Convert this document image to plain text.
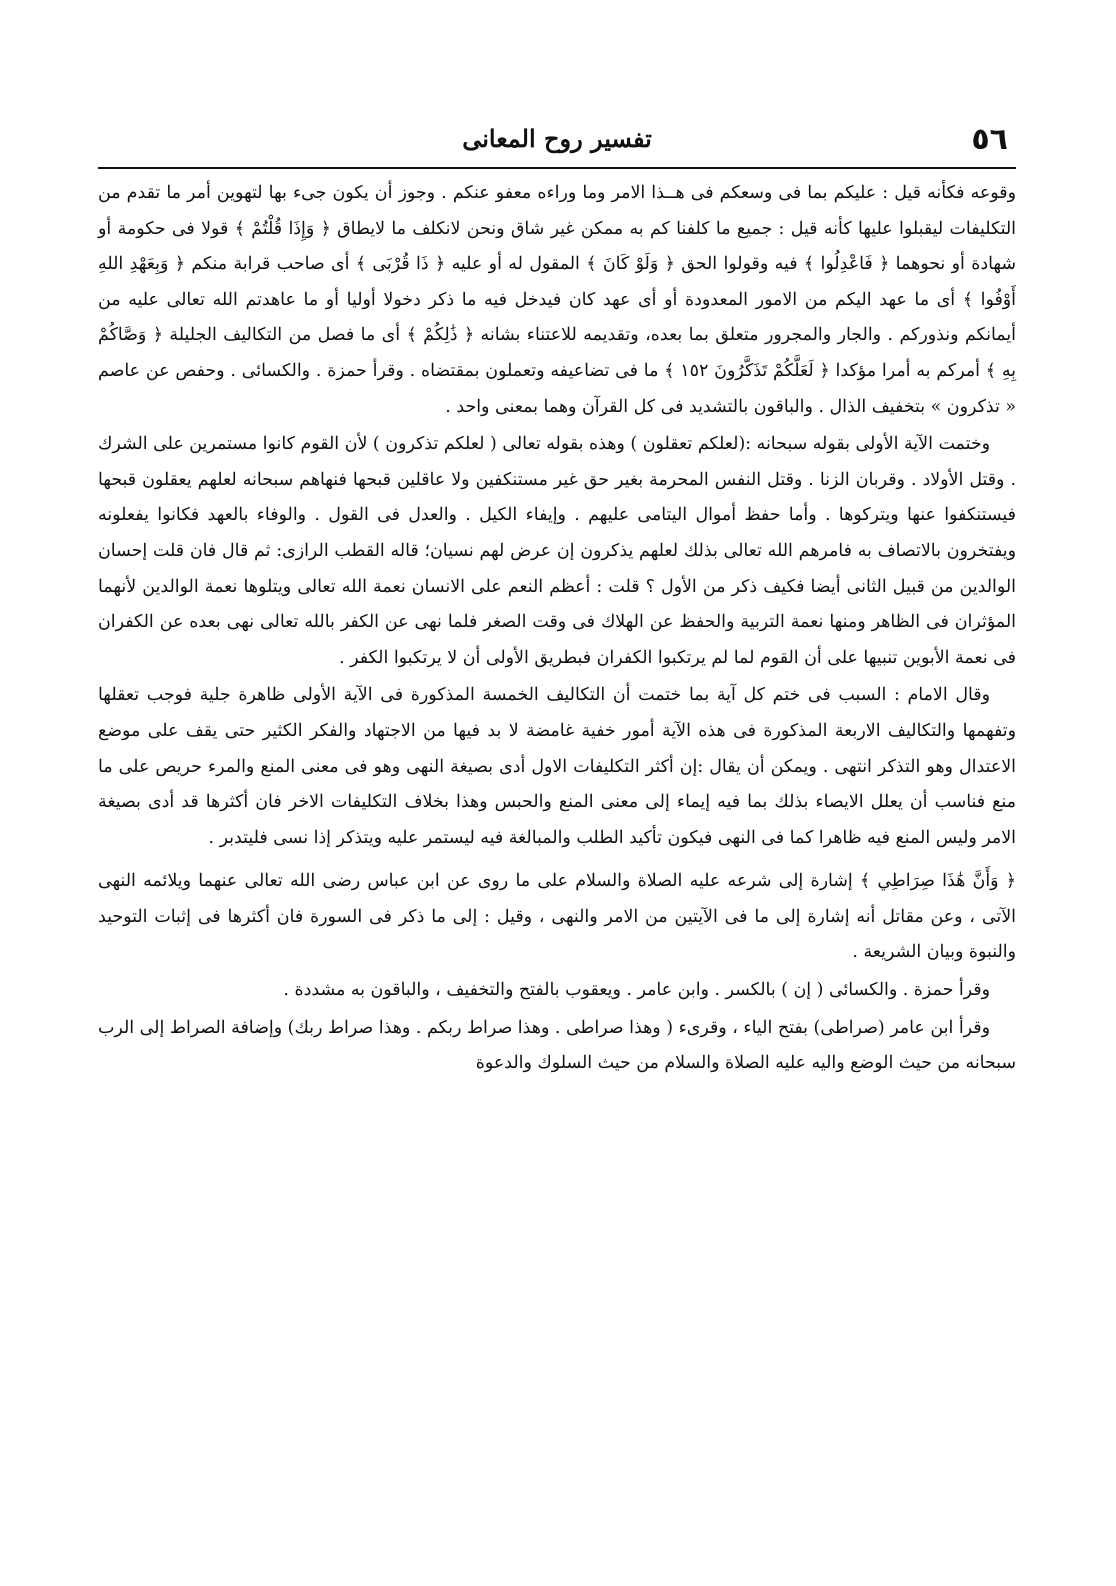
٥٦
تفسير روح المعانى

وقوعه فكأنه قيل : عليكم بما فى وسعكم فى هــذا الامر وما وراءه معفو عنكم . وجوز أن يكون جىء بها لتهوين أمر ما تقدم من التكليفات ليقبلوا عليها كأنه قيل : جميع ما كلفنا كم به ممكن غير شاق ونحن لانكلف ما لايطاق ﴿ وَإِذَا قُلْتُمْ ﴾ قولا فى حكومة أو شهادة أو نحوهما ﴿ فَاعْدِلُوا ﴾ فيه وقولوا الحق ﴿ وَلَوْ كَانَ ﴾ المقول له أو عليه ﴿ ذَا قُرْبَى ﴾ أى صاحب قرابة منكم ﴿ وَبِعَهْدِ اللهِ أَوْفُوا ﴾ أى ما عهد اليكم من الامور المعدودة أو أى عهد كان فيدخل فيه ما ذكر دخولا أوليا أو ما عاهدتم الله تعالى عليه من أيمانكم ونذوركم . والجار والمجرور متعلق بما بعده، وتقديمه للاعتناء بشانه ﴿ ذَٰلِكُمْ ﴾ أى ما فصل من التكاليف الجليلة ﴿ وَصَّاكُمْ بِهِ ﴾ أمركم به أمرا مؤكدا ﴿ لَعَلَّكُمْ تَذَكَّرُونَ ١٥٢ ﴾ ما فى تضاعيفه وتعملون بمقتضاه . وقرأ حمزة . والكسائى . وحفص عن عاصم « تذكرون » بتخفيف الذال . والباقون بالتشديد فى كل القرآن وهما بمعنى واحد .

وختمت الآية الأولى بقوله سبحانه :(لعلكم تعقلون ) وهذه بقوله تعالى ( لعلكم تذكرون ) لأن القوم كانوا مستمرين على الشرك . وقتل الأولاد . وقربان الزنا . وقتل النفس المحرمة بغير حق غير مستنكفين ولا عاقلين قبحها فنهاهم سبحانه لعلهم يعقلون قبحها فيستنكفوا عنها ويتركوها . وأما حفظ أموال اليتامى عليهم . وإيفاء الكيل . والعدل فى القول . والوفاء بالعهد فكانوا يفعلونه ويفتخرون بالاتصاف به فامرهم الله تعالى بذلك لعلهم يذكرون إن عرض لهم نسيان؛ قاله القطب الرازى: ثم قال فان قلت إحسان الوالدين من قبيل الثانى أيضا فكيف ذكر من الأول ؟ قلت : أعظم النعم على الانسان نعمة الله تعالى ويتلوها نعمة الوالدين لأنهما المؤثران فى الظاهر ومنها نعمة التربية والحفظ عن الهلاك فى وقت الصغر فلما نهى عن الكفر بالله تعالى نهى بعده عن الكفران فى نعمة الأبوين تنبيها على أن القوم لما لم يرتكبوا الكفران فبطريق الأولى أن لا يرتكبوا الكفر .

وقال الامام : السبب فى ختم كل آية بما ختمت أن التكاليف الخمسة المذكورة فى الآية الأولى ظاهرة جلية فوجب تعقلها وتفهمها والتكاليف الاربعة المذكورة فى هذه الآية أمور خفية غامضة لا بد فيها من الاجتهاد والفكر الكثير حتى يقف على موضع الاعتدال وهو التذكر انتهى . ويمكن أن يقال :إن أكثر التكليفات الاول أدى بصيغة النهى وهو فى معنى المنع والمرء حريص على ما منع فناسب أن يعلل الايصاء بذلك بما فيه إيماء إلى معنى المنع والحبس وهذا بخلاف التكليفات الاخر فان أكثرها قد أدى بصيغة الامر وليس المنع فيه ظاهرا كما فى النهى فيكون تأكيد الطلب والمبالغة فيه ليستمر عليه ويتذكر إذا نسى فليتدبر .

﴿ وَأَنَّ هَٰذَا صِرَاطِي ﴾ إشارة إلى شرعه عليه الصلاة والسلام على ما روى عن ابن عباس رضى الله تعالى عنهما ويلائمه النهى الآتى ، وعن مقاتل أنه إشارة إلى ما فى الآيتين من الامر والنهى ، وقيل : إلى ما ذكر فى السورة فان أكثرها فى إثبات التوحيد والنبوة وبيان الشريعة .

وقرأ حمزة . والكسائى ( إن ) بالكسر . وابن عامر . ويعقوب بالفتح والتخفيف ، والباقون به مشددة .

وقرأ ابن عامر (صراطى) بفتح الياء ، وقرىء ( وهذا صراطى . وهذا صراط ربكم . وهذا صراط ربك) وإضافة الصراط إلى الرب سبحانه من حيث الوضع واليه عليه الصلاة والسلام من حيث السلوك والدعوة
